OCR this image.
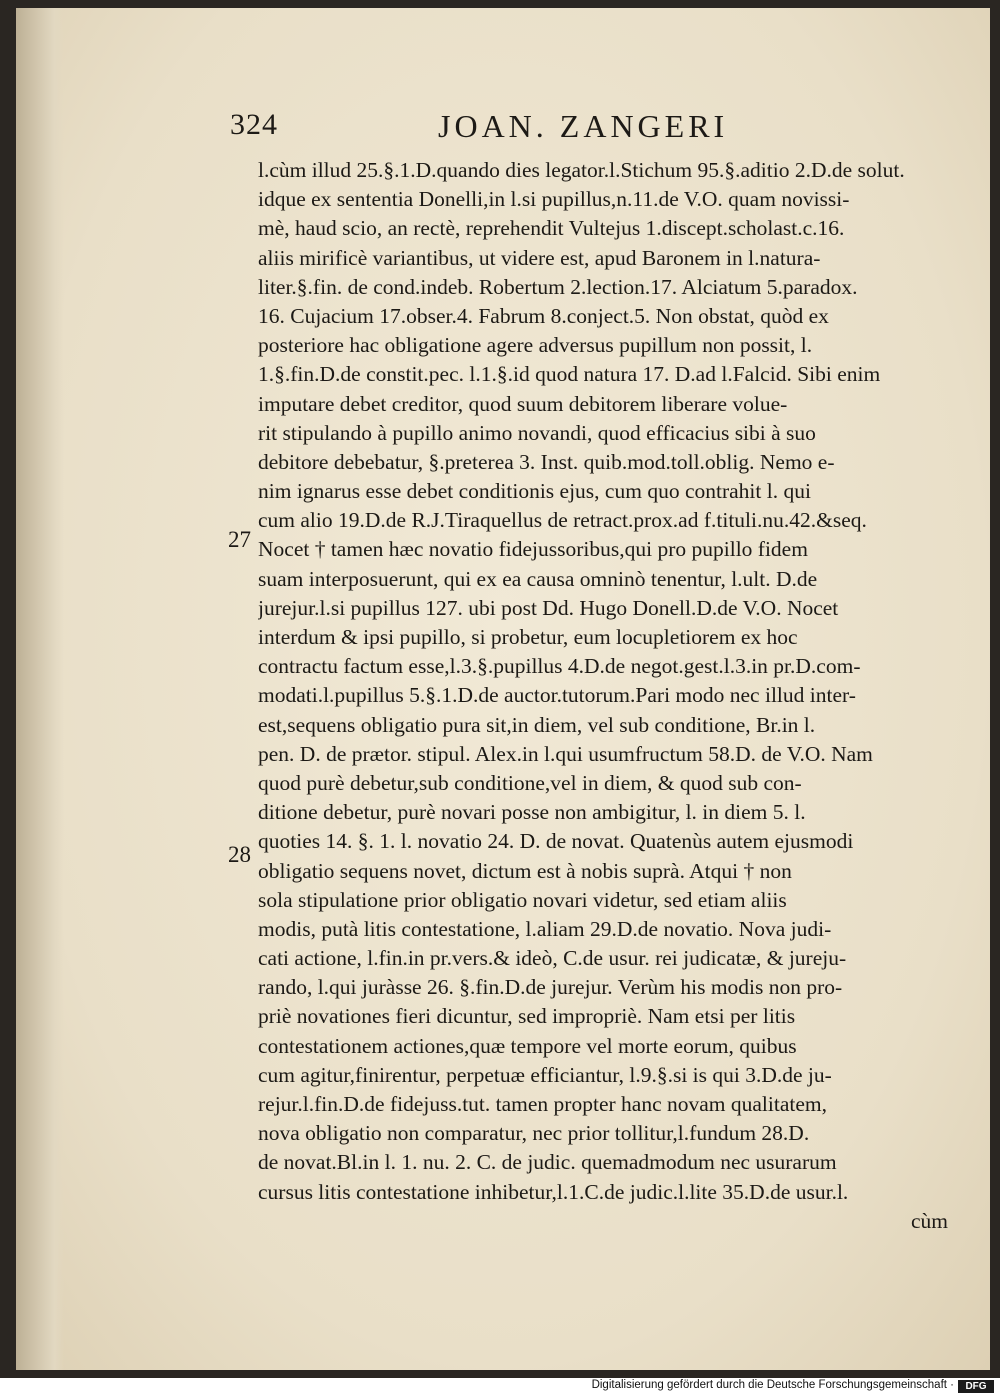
324	JOAN. ZANGERI
27
28
l.cùm illud 25.§.1.D.quando dies legator.l.Stichum 95.§.aditio 2.D.de solut.
idque ex sententia Donelli,in l.si pupillus,n.11.de V.O. quam novissi-
mè, haud scio, an rectè, reprehendit Vultejus 1.discept.scholast.c.16.
aliis mirificè variantibus, ut videre est, apud Baronem in l.natura-
liter.§.fin. de cond.indeb. Robertum 2.lection.17. Alciatum 5.paradox.
16. Cujacium 17.obser.4. Fabrum 8.conject.5. Non obstat, quòd ex
posteriore hac obligatione agere adversus pupillum non possit, l.
1.§.fin.D.de constit.pec. l.1.§.id quod natura 17. D.ad l.Falcid. Sibi enim
imputare debet creditor, quod suum debitorem liberare volue-
rit stipulando à pupillo animo novandi, quod efficacius sibi à suo
debitore debebatur, §.preterea 3. Inst. quib.mod.toll.oblig. Nemo e-
nim ignarus esse debet conditionis ejus, cum quo contrahit l. qui
cum alio 19.D.de R.J.Tiraquellus de retract.prox.ad f.tituli.nu.42.&seq.
Nocet † tamen hæc novatio fidejussoribus,qui pro pupillo fidem
suam interposuerunt, qui ex ea causa omninò tenentur, l.ult. D.de
jurejur.l.si pupillus 127. ubi post Dd. Hugo Donell.D.de V.O. Nocet
interdum & ipsi pupillo, si probetur, eum locupletiorem ex hoc
contractu factum esse,l.3.§.pupillus 4.D.de negot.gest.l.3.in pr.D.com-
modati.l.pupillus 5.§.1.D.de auctor.tutorum.Pari modo nec illud inter-
est,sequens obligatio pura sit,in diem, vel sub conditione, Br.in l.
pen. D. de prætor. stipul. Alex.in l.qui usumfructum 58.D. de V.O. Nam
quod purè debetur,sub conditione,vel in diem, & quod sub con-
ditione debetur, purè novari posse non ambigitur, l. in diem 5. l.
quoties 14. §. 1. l. novatio 24. D. de novat. Quatenùs autem ejusmodi
obligatio sequens novet, dictum est à nobis suprà. Atqui † non
sola stipulatione prior obligatio novari videtur, sed etiam aliis
modis, putà litis contestatione, l.aliam 29.D.de novatio. Nova judi-
cati actione, l.fin.in pr.vers.& ideò, C.de usur. rei judicatæ, & jureju-
rando, l.qui juràsse 26. §.fin.D.de jurejur. Verùm his modis non pro-
priè novationes fieri dicuntur, sed impropriè. Nam etsi per litis
contestationem actiones,quæ tempore vel morte eorum, quibus
cum agitur,finirentur, perpetuæ efficiantur, l.9.§.si is qui 3.D.de ju-
rejur.l.fin.D.de fidejuss.tut. tamen propter hanc novam qualitatem,
nova obligatio non comparatur, nec prior tollitur,l.fundum 28.D.
de novat.Bl.in l. 1. nu. 2. C. de judic. quemadmodum nec usurarum
cursus litis contestatione inhibetur,l.1.C.de judic.l.lite 35.D.de usur.l.
cùm
Digitalisierung gefördert durch die Deutsche Forschungsgemeinschaft ·	DFG
